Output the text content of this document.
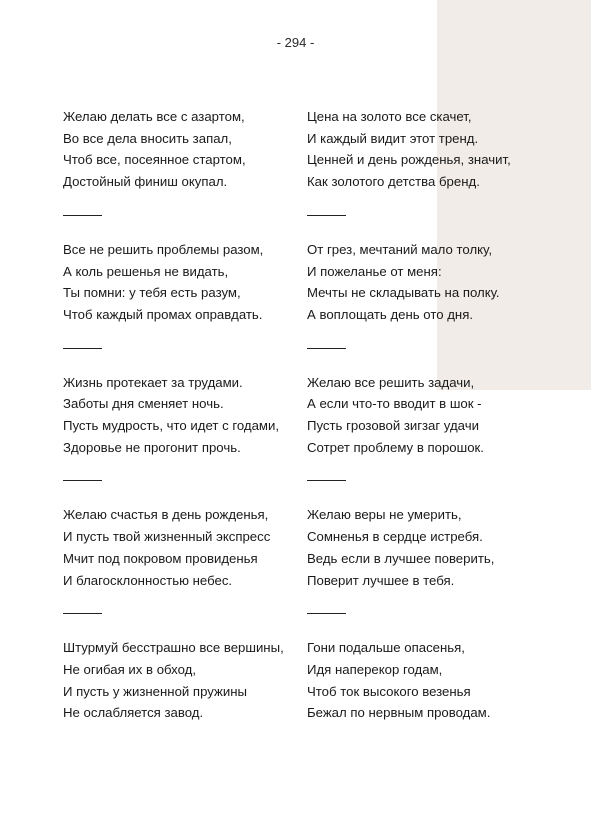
- 294 -
Желаю делать все с азартом,
Во все дела вносить запал,
Чтоб все, посеянное стартом,
Достойный финиш окупал.
Все не решить проблемы разом,
А коль решенья не видать,
Ты помни: у тебя есть разум,
Чтоб каждый промах оправдать.
Жизнь протекает за трудами.
Заботы дня сменяет ночь.
Пусть мудрость, что идет с годами,
Здоровье не прогонит прочь.
Желаю счастья в день рожденья,
И пусть твой жизненный экспресс
Мчит под покровом провиденья
И благосклонностью небес.
Штурмуй бесстрашно все вершины,
Не огибая их в обход,
И пусть у жизненной пружины
Не ослабляется завод.
Цена на золото все скачет,
И каждый видит этот тренд.
Ценней и день рожденья, значит,
Как золотого детства бренд.
От грез, мечтаний мало толку,
И пожеланье от меня:
Мечты не складывать на полку.
А воплощать день ото дня.
Желаю все решить задачи,
А если что-то вводит в шок -
Пусть грозовой зигзаг удачи
Сотрет проблему в порошок.
Желаю веры не умерить,
Сомненья в сердце истребя.
Ведь если в лучшее поверить,
Поверит лучшее в тебя.
Гони подальше опасенья,
Идя наперекор годам,
Чтоб ток высокого везенья
Бежал по нервным проводам.
